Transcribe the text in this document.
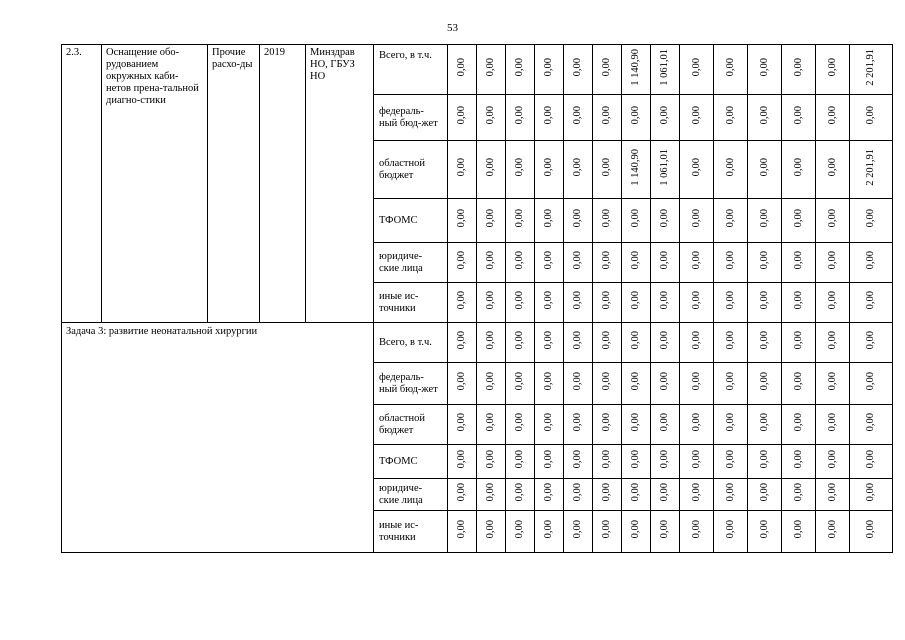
53
2.3.	Оснащение обо-рудованием окружных каби-нетов прена-тальной диагно-стики	Прочие расхо-ды	2019	Минздрав НО, ГБУЗ НО	Всего, в т.ч.	0,00	0,00	0,00	0,00	0,00	0,00	1 140,90	1 061,01	0,00	0,00	0,00	0,00	0,00	2 201,91
					федераль-ный бюд-жет	0,00	0,00	0,00	0,00	0,00	0,00	0,00	0,00	0,00	0,00	0,00	0,00	0,00	0,00
					областной бюджет	0,00	0,00	0,00	0,00	0,00	0,00	1 140,90	1 061,01	0,00	0,00	0,00	0,00	0,00	2 201,91
					ТФОМС	0,00	0,00	0,00	0,00	0,00	0,00	0,00	0,00	0,00	0,00	0,00	0,00	0,00	0,00
					юридиче-ские лица	0,00	0,00	0,00	0,00	0,00	0,00	0,00	0,00	0,00	0,00	0,00	0,00	0,00	0,00
					иные ис-точники	0,00	0,00	0,00	0,00	0,00	0,00	0,00	0,00	0,00	0,00	0,00	0,00	0,00	0,00
Задача 3: развитие неонатальной хирургии					Всего, в т.ч.	0,00	0,00	0,00	0,00	0,00	0,00	0,00	0,00	0,00	0,00	0,00	0,00	0,00	0,00
					федераль-ный бюд-жет	0,00	0,00	0,00	0,00	0,00	0,00	0,00	0,00	0,00	0,00	0,00	0,00	0,00	0,00
					областной бюджет	0,00	0,00	0,00	0,00	0,00	0,00	0,00	0,00	0,00	0,00	0,00	0,00	0,00	0,00
					ТФОМС	0,00	0,00	0,00	0,00	0,00	0,00	0,00	0,00	0,00	0,00	0,00	0,00	0,00	0,00
					юридиче-ские лица	0,00	0,00	0,00	0,00	0,00	0,00	0,00	0,00	0,00	0,00	0,00	0,00	0,00	0,00
					иные ис-точники	0,00	0,00	0,00	0,00	0,00	0,00	0,00	0,00	0,00	0,00	0,00	0,00	0,00	0,00
